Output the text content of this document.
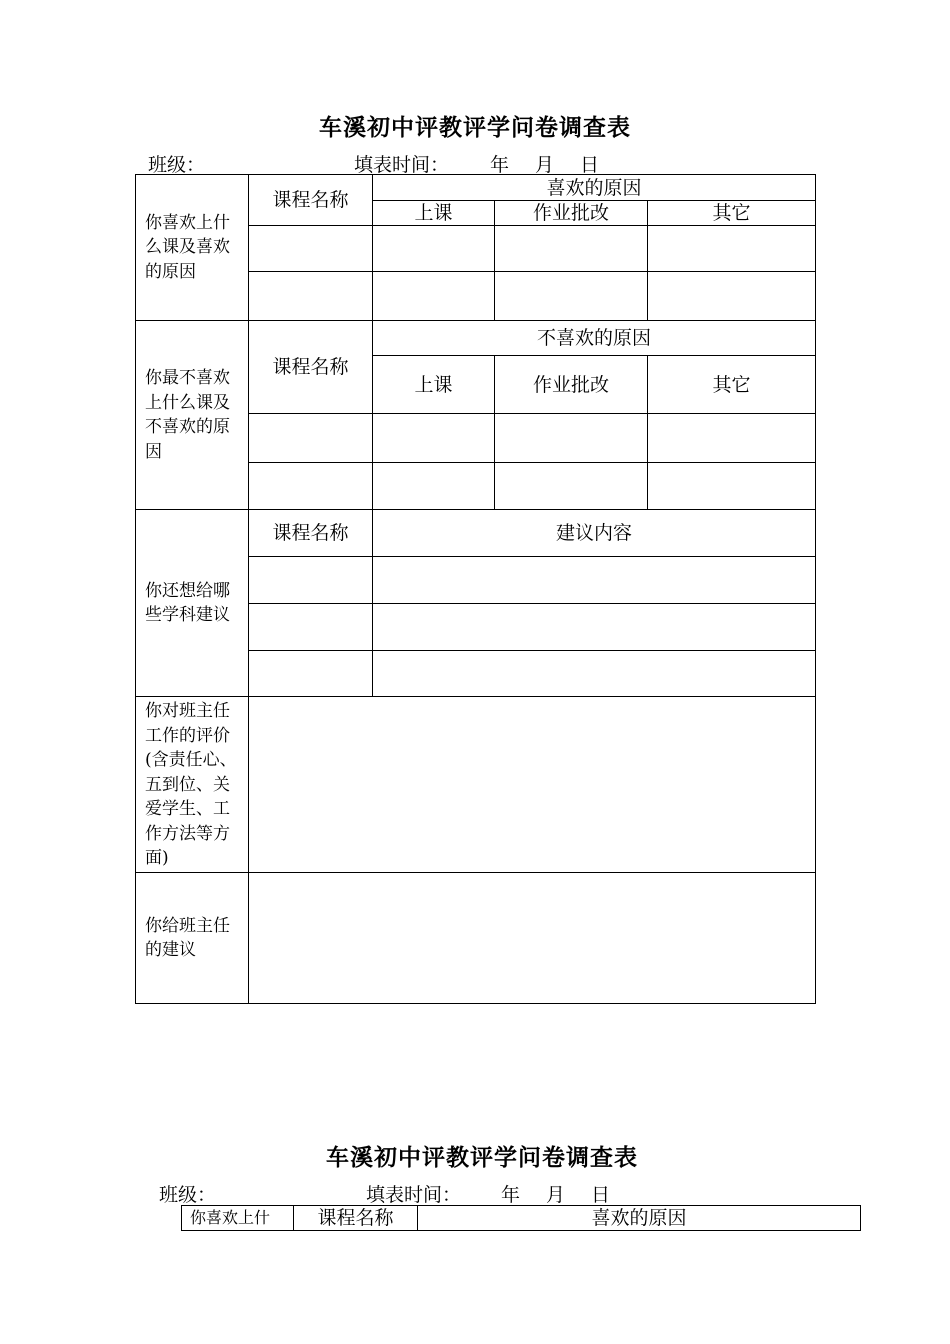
车溪初中评教评学问卷调查表
班级：	填表时间： 年 月 日
你喜欢上什么课及喜欢的原因	课程名称	喜欢的原因		
		上课	作业批改	其它

你最不喜欢上什么课及不喜欢的原因	课程名称	不喜欢的原因		
		上课	作业批改	其它

你还想给哪些学科建议	课程名称	建议内容		

你对班主任工作的评价(含责任心、五到位、关爱学生、工作方法等方面)				
你给班主任的建议				
车溪初中评教评学问卷调查表
班级：	填表时间： 年 月 日
你喜欢上什	课程名称	喜欢的原因
